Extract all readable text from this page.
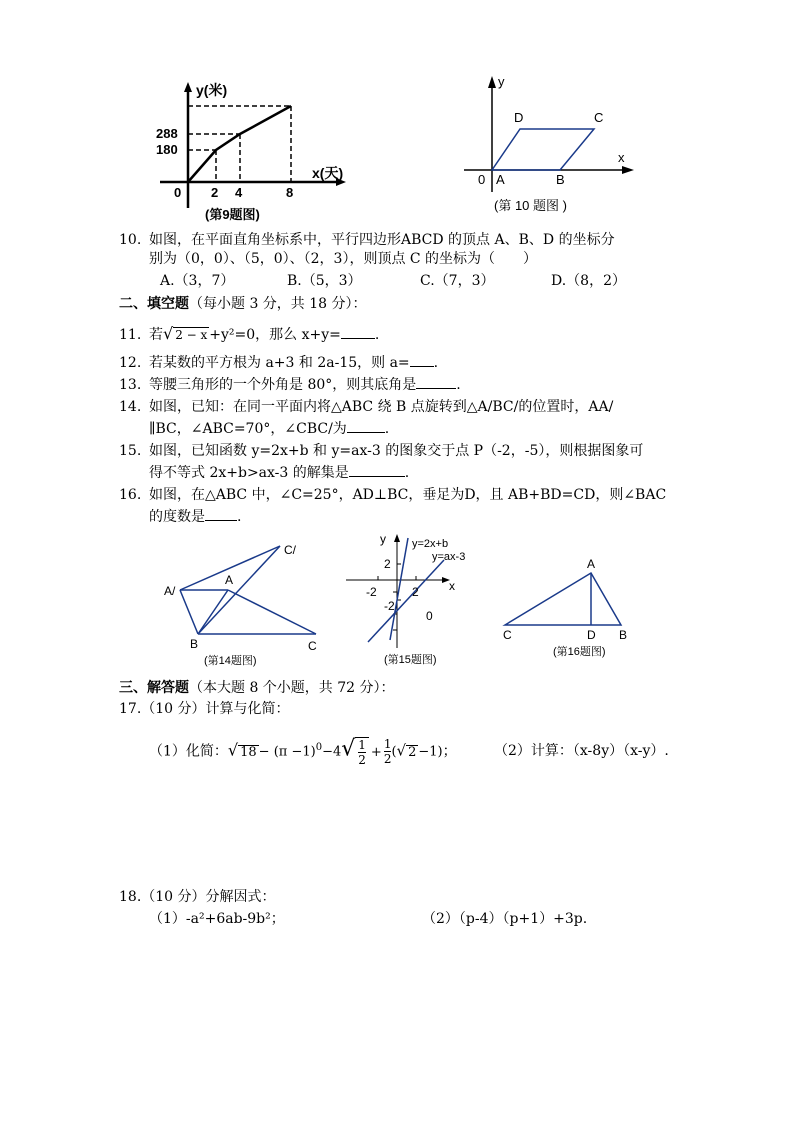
y(米)
x(天)
288
180
0 2 4	8
(第9题图)
y
x
0 A	B
C
D
(第 10 题图 )
10. 如图，在平面直角坐标系中，平行四边形ABCD 的顶点 A、B、D 的坐标分
别为（0，0）、（5，0）、（2，3），则顶点 C 的坐标为（　　）
A.（3，7）	B.（5，3）	C.（7，3）	D.（8，2）
二、填空题（每小题 3 分，共 18 分）：
11. 若√ 2 − x +y²=0，那么 x+y= .
12. 若某数的平方根为 a+3 和 2a-15，则 a= .
13. 等腰三角形的一个外角是 80°，则其底角是	.
14. 如图，已知：在同一平面内将△ABC 绕 B 点旋转到△A/BC/的位置时，AA/
∥BC，∠ABC=70°，∠CBC/为	.
15. 如图，已知函数 y=2x+b 和 y=ax-3 的图象交于点 P（-2，-5），则根据图象可
得不等式 2x+b>ax-3 的解集是	.
16. 如图，在△ABC 中，∠C=25°，AD⊥BC，垂足为D，且 AB+BD=CD，则∠BAC
的度数是 .
C/
A/
A
B	C
(第14题图)
y
x
y=2x+b
y=ax-3
2
-2	2
-2
0
(第15题图)
A
C	D B
(第16题图)
三、解答题（本大题 8 个小题，共 72 分）：
17.（10 分）计算与化简：
（1）化简：√ $18 - (\pi -1)^0-4√ \frac{1}{2} + \frac{1}{2}$ (√ 2 −1)；	（2）计算：（x-8y）（x-y）.
18.（10 分）分解因式：
（1）-a²+6ab-9b²；	（2）（p-4）（p+1）+3p.
